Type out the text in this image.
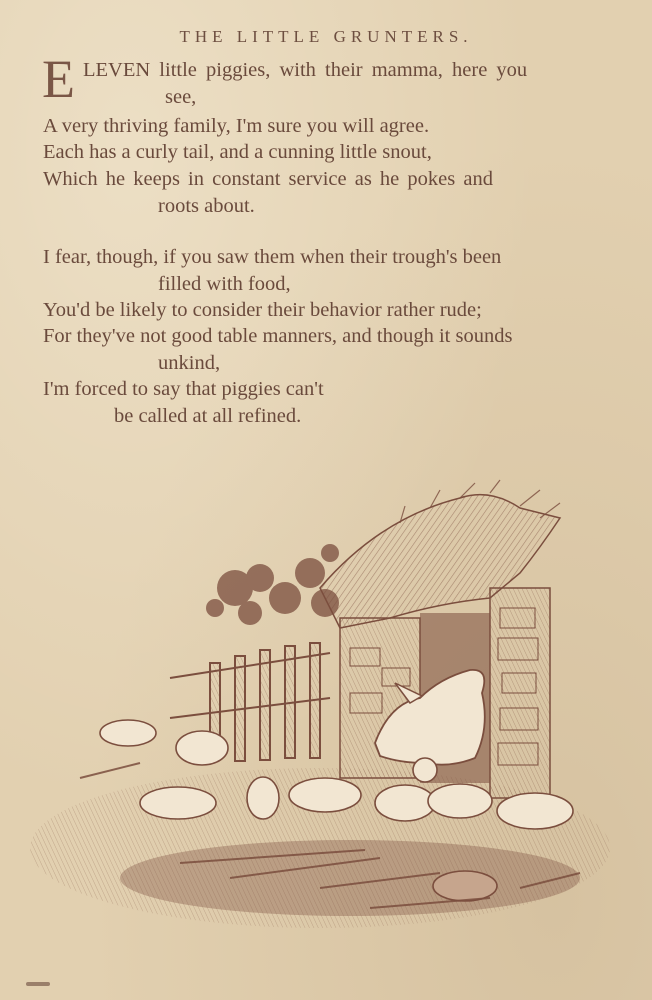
THE LITTLE GRUNTERS.
E LEVEN little piggies, with their mamma, here you
see,
A very thriving family, I'm sure you will agree.
Each has a curly tail, and a cunning little snout,
Which he keeps in constant service as he pokes and
roots about.
I fear, though, if you saw them when their trough's been
filled with food,
You'd be likely to consider their behavior rather rude;
For they've not good table manners, and though it sounds
unkind,
I'm forced to say that piggies can't
be called at all refined.
